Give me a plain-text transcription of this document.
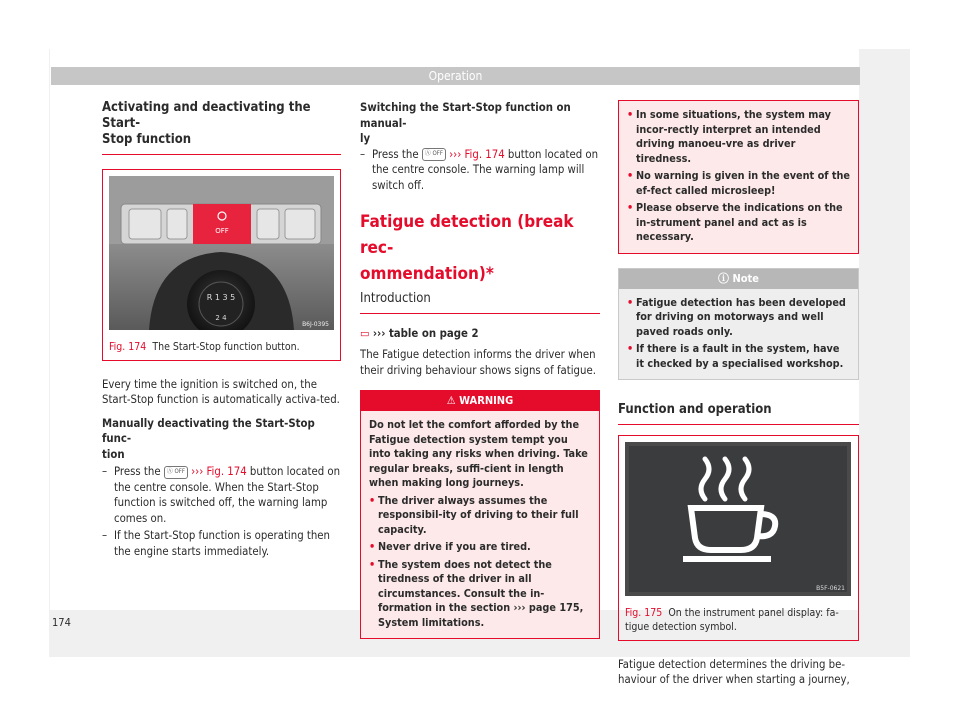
Operation
Activating and deactivating the Start-
Stop function
OFF
R 1 3 5
2 4
B6J-0395
Fig. 174 The Start-Stop function button.
Every time the ignition is switched on, the Start-Stop function is automatically activa-ted.
Manually deactivating the Start-Stop func-
tion
– Press the Ⓐ OFF ››› Fig. 174 button located on the centre console. When the Start-Stop function is switched off, the warning lamp comes on.
– If the Start-Stop function is operating then the engine starts immediately.
Switching the Start-Stop function on manual-
ly
– Press the Ⓐ OFF ››› Fig. 174 button located on the centre console. The warning lamp will switch off.
Fatigue detection (break rec-
ommendation)*
Introduction
▭ ››› table on page 2
The Fatigue detection informs the driver when their driving behaviour shows signs of fatigue.
⚠ WARNING
Do not let the comfort afforded by the Fatigue detection system tempt you into taking any risks when driving. Take regular breaks, suffi-cient in length when making long journeys.
• The driver always assumes the responsibil-ity of driving to their full capacity.
• Never drive if you are tired.
• The system does not detect the tiredness of the driver in all circumstances. Consult the in-formation in the section ››› page 175, System limitations.
• In some situations, the system may incor-rectly interpret an intended driving manoeu-vre as driver tiredness.
• No warning is given in the event of the ef-fect called microsleep!
• Please observe the indications on the in-strument panel and act as is necessary.
ⓘ Note
• Fatigue detection has been developed for driving on motorways and well paved roads only.
• If there is a fault in the system, have it checked by a specialised workshop.
Function and operation
B5F-0621
Fig. 175 On the instrument panel display: fa-tigue detection symbol.
Fatigue detection determines the driving be-haviour of the driver when starting a journey,
174
